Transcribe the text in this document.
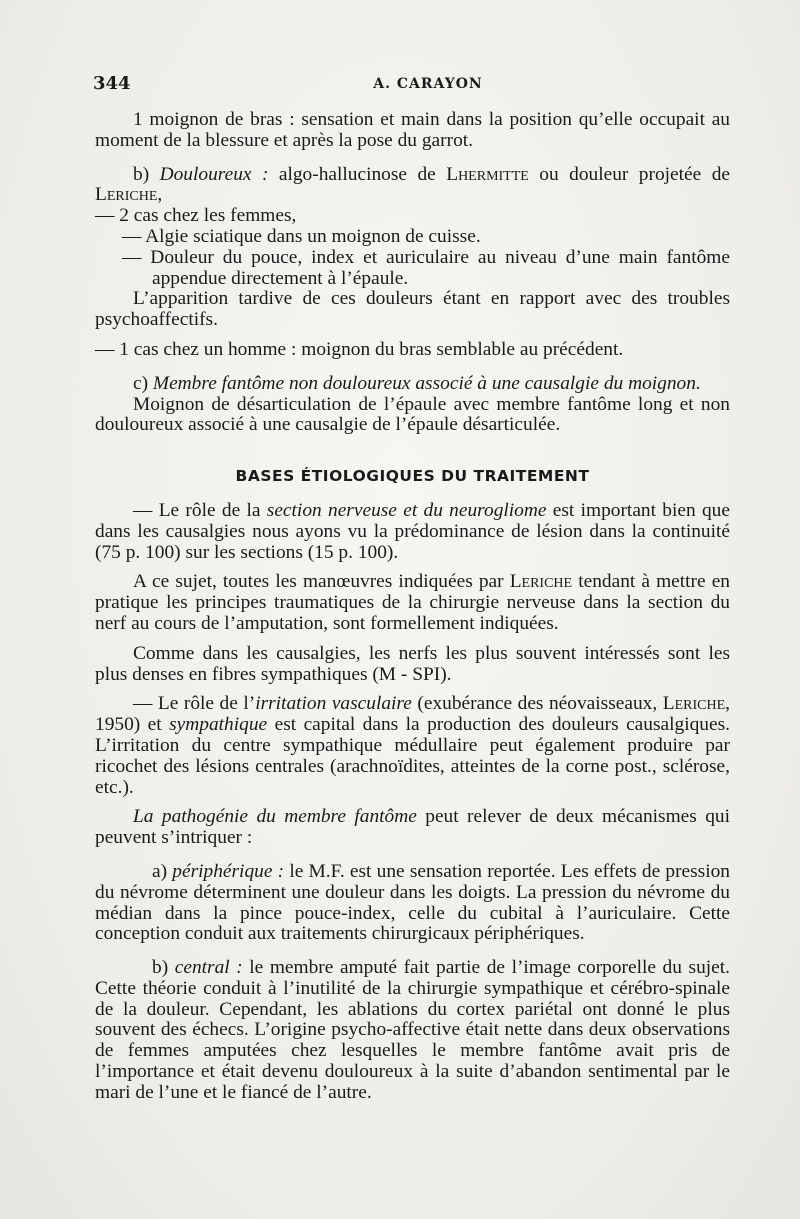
344	A. CARAYON

1 moignon de bras : sensation et main dans la position qu’elle occupait au moment de la blessure et après la pose du garrot.

b) Douloureux : algo-hallucinose de Lhermitte ou douleur projetée de Leriche,

— 2 cas chez les femmes,

— Algie sciatique dans un moignon de cuisse.

— Douleur du pouce, index et auriculaire au niveau d’une main fantôme appendue directement à l’épaule.

L’apparition tardive de ces douleurs étant en rapport avec des troubles psychoaffectifs.

— 1 cas chez un homme : moignon du bras semblable au précédent.

c) Membre fantôme non douloureux associé à une causalgie du moignon.

Moignon de désarticulation de l’épaule avec membre fantôme long et non douloureux associé à une causalgie de l’épaule désarticulée.

BASES ÉTIOLOGIQUES DU TRAITEMENT

— Le rôle de la section nerveuse et du neurogliome est important bien que dans les causalgies nous ayons vu la prédominance de lésion dans la continuité (75 p. 100) sur les sections (15 p. 100).

A ce sujet, toutes les manœuvres indiquées par Leriche tendant à mettre en pratique les principes traumatiques de la chirurgie nerveuse dans la section du nerf au cours de l’amputation, sont formellement indiquées.

Comme dans les causalgies, les nerfs les plus souvent intéressés sont les plus denses en fibres sympathiques (M - SPI).

— Le rôle de l’irritation vasculaire (exubérance des néovaisseaux, Leriche, 1950) et sympathique est capital dans la production des douleurs causalgiques. L’irritation du centre sympathique médullaire peut également produire par ricochet des lésions centrales (arachnoïdites, atteintes de la corne post., sclérose, etc.).

La pathogénie du membre fantôme peut relever de deux mécanismes qui peuvent s’intriquer :

a) périphérique : le M.F. est une sensation reportée. Les effets de pression du névrome déterminent une douleur dans les doigts. La pression du névrome du médian dans la pince pouce-index, celle du cubital à l’auriculaire. Cette conception conduit aux traitements chirurgicaux périphériques.

b) central : le membre amputé fait partie de l’image corporelle du sujet. Cette théorie conduit à l’inutilité de la chirurgie sympathique et cérébro-spinale de la douleur. Cependant, les ablations du cortex pariétal ont donné le plus souvent des échecs. L’origine psycho-affective était nette dans deux observations de femmes amputées chez lesquelles le membre fantôme avait pris de l’importance et était devenu douloureux à la suite d’abandon sentimental par le mari de l’une et le fiancé de l’autre.
